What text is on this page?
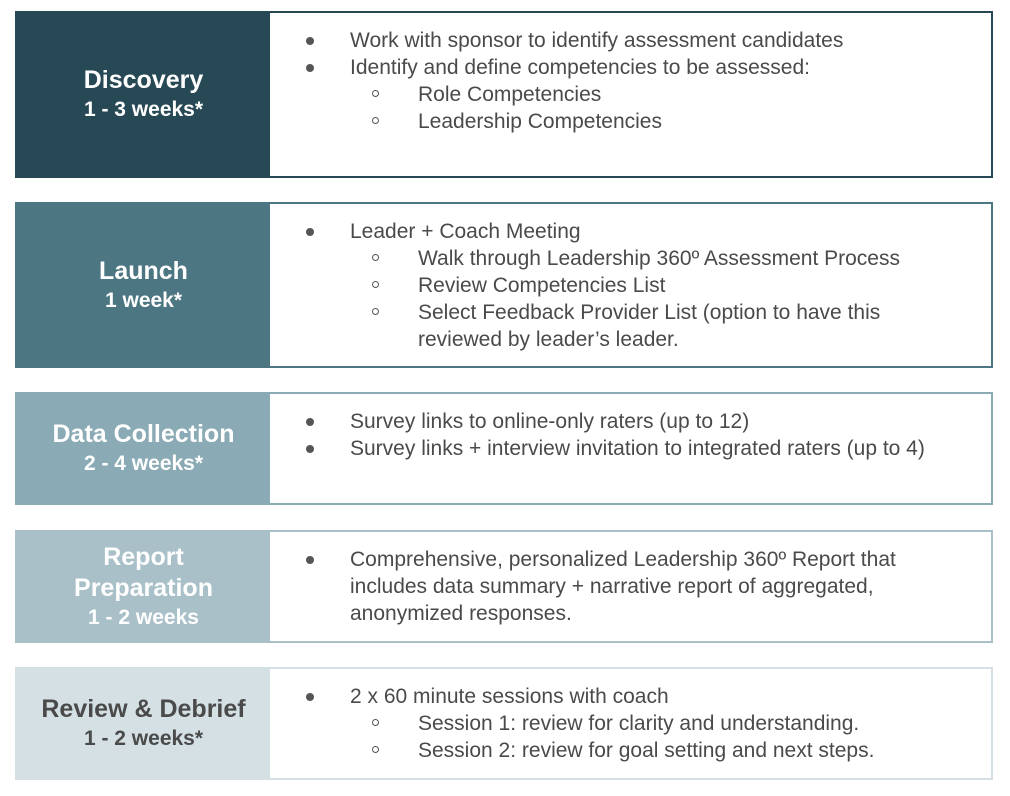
Discovery
1 - 3 weeks*
Work with sponsor to identify assessment candidates
Identify and define competencies to be assessed:
Role Competencies
Leadership Competencies
Launch
1 week*
Leader + Coach Meeting
Walk through Leadership 360º Assessment Process
Review Competencies List
Select Feedback Provider List (option to have this reviewed by leader’s leader.
Data Collection
2 - 4 weeks*
Survey links to online-only raters (up to 12)
Survey links + interview invitation to integrated raters (up to 4)
Report Preparation
1 - 2 weeks
Comprehensive, personalized Leadership 360º Report that includes data summary + narrative report of aggregated, anonymized responses.
Review & Debrief
1 - 2 weeks*
2 x 60 minute sessions with coach
Session 1: review for clarity and understanding.
Session 2: review for goal setting and next steps.
